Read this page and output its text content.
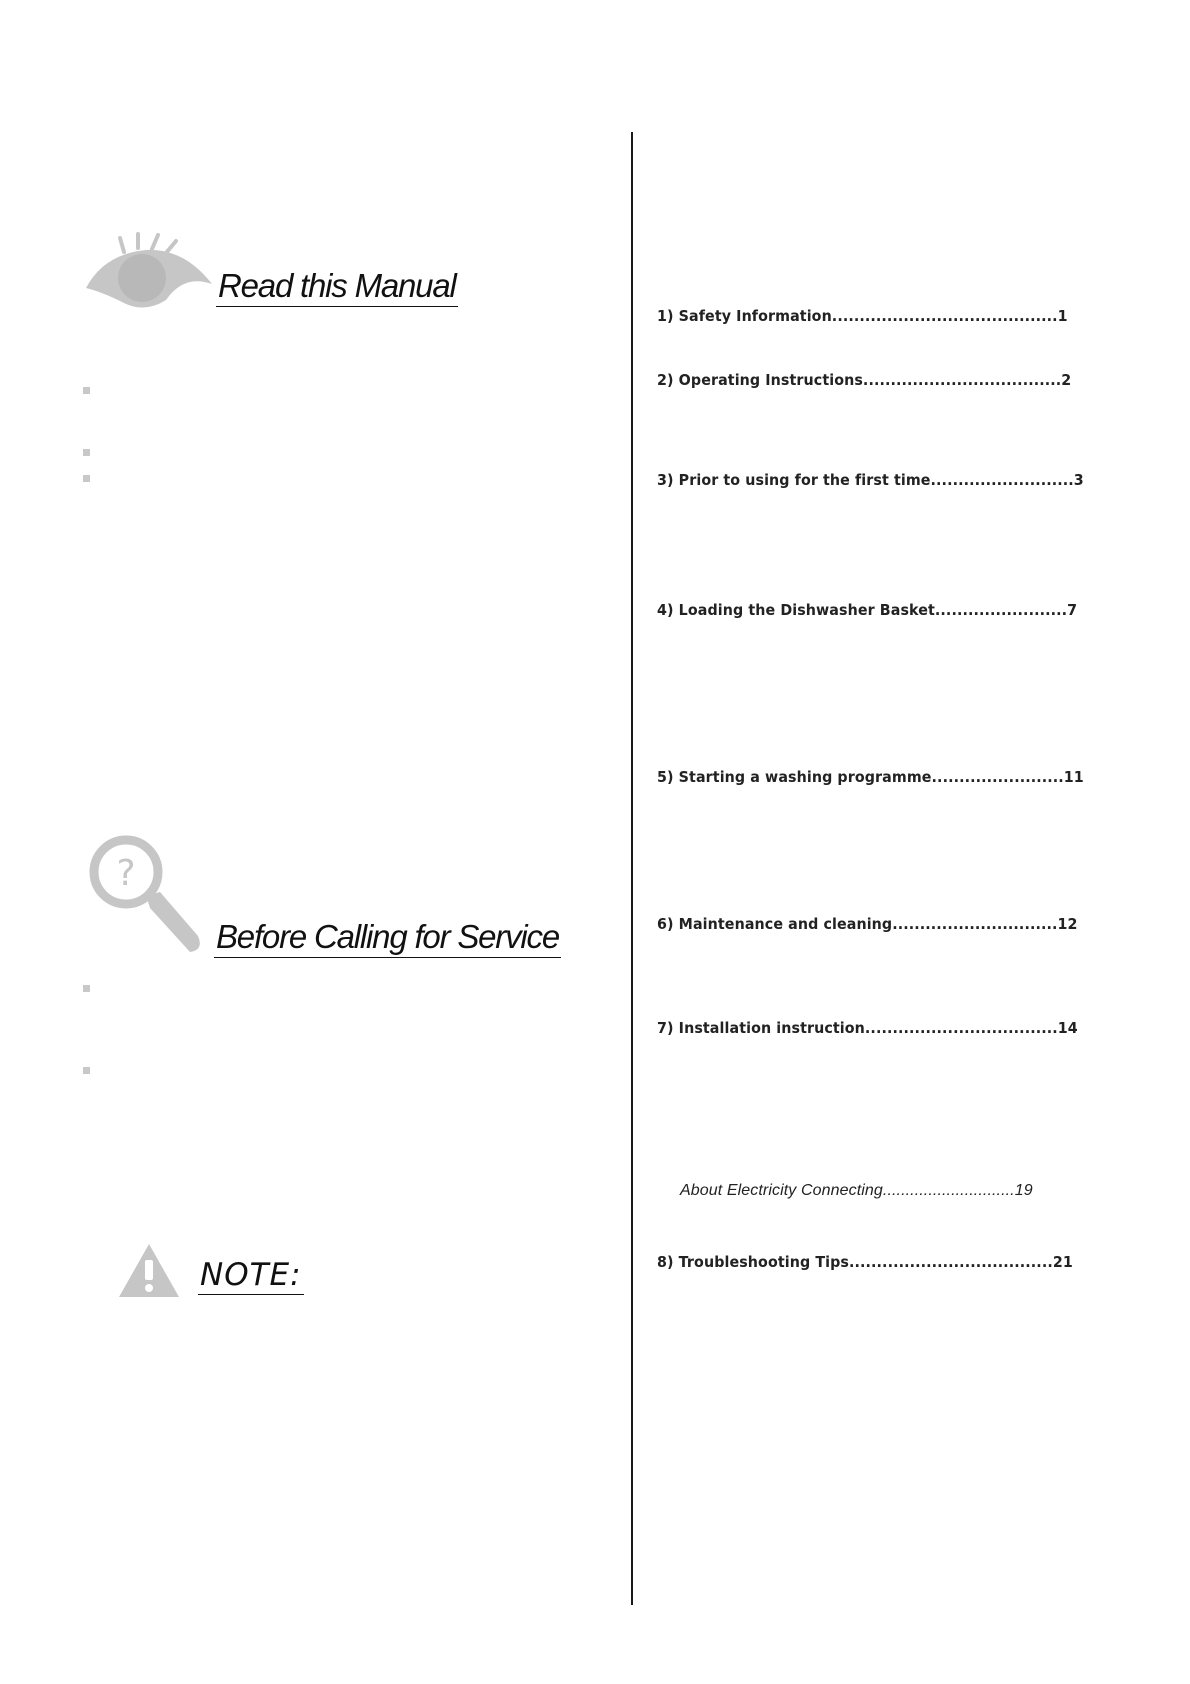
Read this Manual
?
Before Calling for Service
NOTE:
1) Safety Information.........................................1
2) Operating Instructions....................................2
3) Prior to using for the first time..........................3
4) Loading the Dishwasher Basket........................7
5) Starting a washing programme........................11
6) Maintenance and cleaning..............................12
7) Installation instruction...................................14
About Electricity Connecting.............................19
8) Troubleshooting Tips.....................................21
